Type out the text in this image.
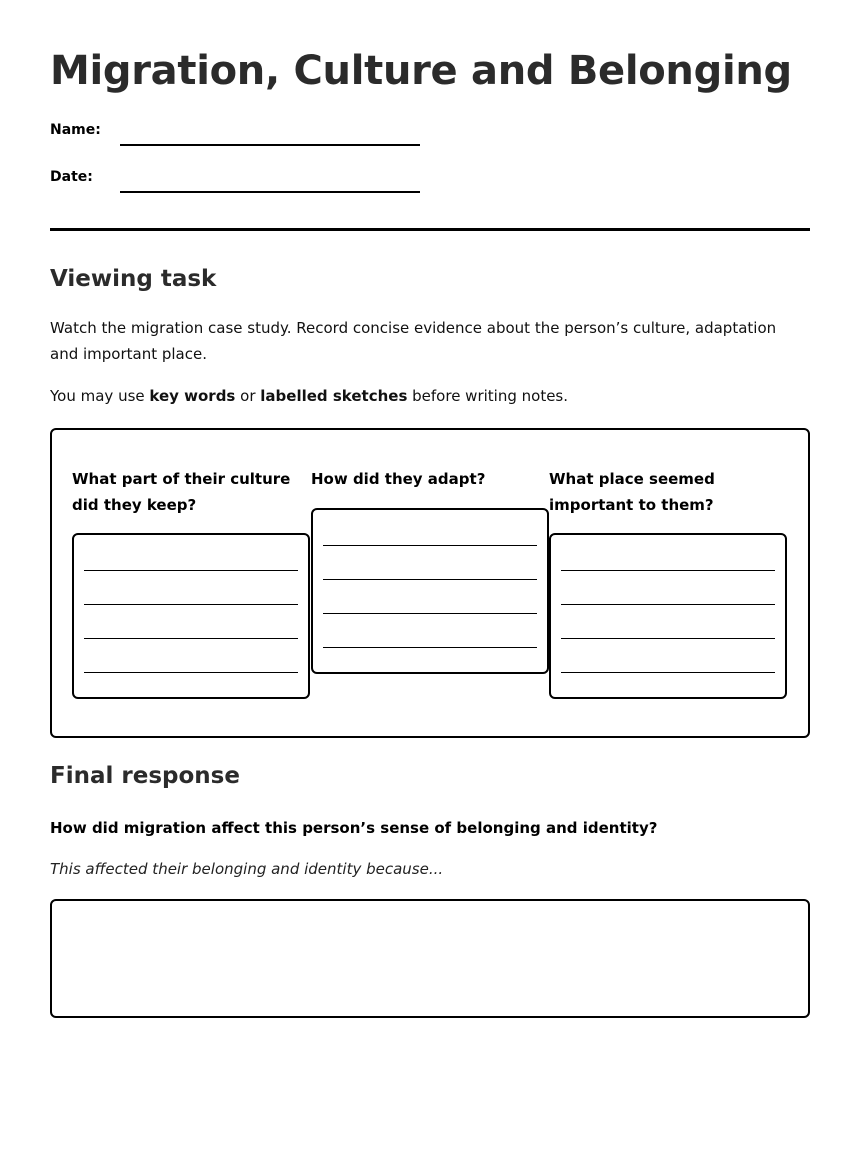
Migration, Culture and Belonging
Name:
Date:
Viewing task

Watch the migration case study. Record concise evidence about the person’s culture, adaptation and important place.

You may use key words or labelled sketches before writing notes.

What part of their culture did they keep?

How did they adapt?	What place seemed important to them?

Final response

How did migration affect this person’s sense of belonging and identity?

This affected their belonging and identity because...
